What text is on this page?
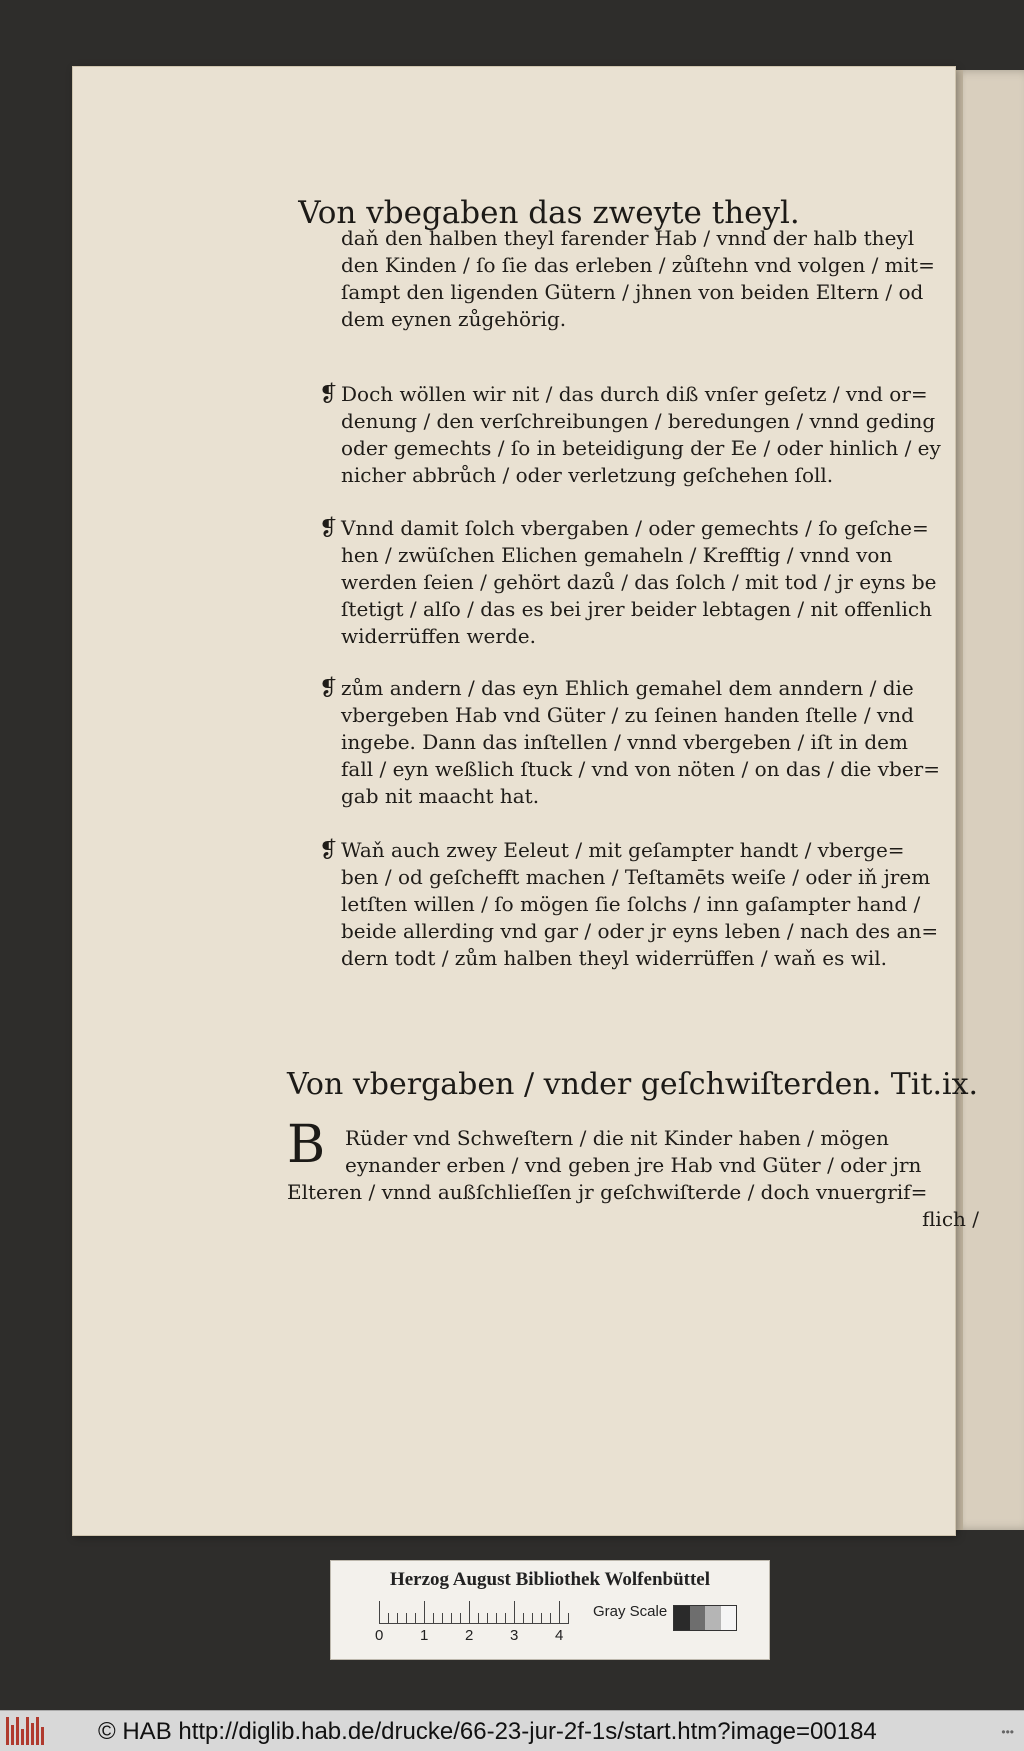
Von vbegaben das zweyte theyl.
daň den halben theyl farender Hab / vnnd der halb theyl
den Kinden / ſo ſie das erleben / zůſtehn vnd volgen / mit=
ſampt den ligenden Gütern / jhnen von beiden Eltern / od
dem eynen zůgehörig.
❡ Doch wöllen wir nit / das durch diß vnſer geſetz / vnd or=
denung / den verſchreibungen / beredungen / vnnd geding
oder gemechts / ſo in beteidigung der Ee / oder hinlich / ey
nicher abbrůch / oder verletzung geſchehen ſoll.
❡ Vnnd damit ſolch vbergaben / oder gemechts / ſo geſche=
hen / zwüſchen Elichen gemaheln / Krefftig / vnnd von
werden ſeien / gehört dazů / das ſolch / mit tod / jr eyns be
ſtetigt / alſo / das es bei jrer beider lebtagen / nit offenlich
widerrüffen werde.
❡ zům andern / das eyn Ehlich gemahel dem anndern / die
vbergeben Hab vnd Güter / zu ſeinen handen ſtelle / vnd
ingebe. Dann das inſtellen / vnnd vbergeben / iſt in dem
fall / eyn weßlich ſtuck / vnd von nöten / on das / die vber=
gab nit maacht hat.
❡ Waň auch zwey Eeleut / mit geſampter handt / vberge=
ben / od geſchefft machen / Teſtamēts weiſe / oder iň jrem
letſten willen / ſo mögen ſie ſolchs / inn gaſampter hand /
beide allerding vnd gar / oder jr eyns leben / nach des an=
dern todt / zům halben theyl widerrüffen / waň es wil.
Von vbergaben / vnder geſchwiſterden. Tit.ix.
B Rüder vnd Schweſtern / die nit Kinder haben / mögen
eynander erben / vnd geben jre Hab vnd Güter / oder jrn
Elteren / vnnd außſchlieſſen jr geſchwiſterde / doch vnuergrif=
flich /
Herzog August Bibliothek Wolfenbüttel
0 1 2 3 4
Gray Scale
© HAB http://diglib.hab.de/drucke/66-23-jur-2f-1s/start.htm?image=00184	•••
